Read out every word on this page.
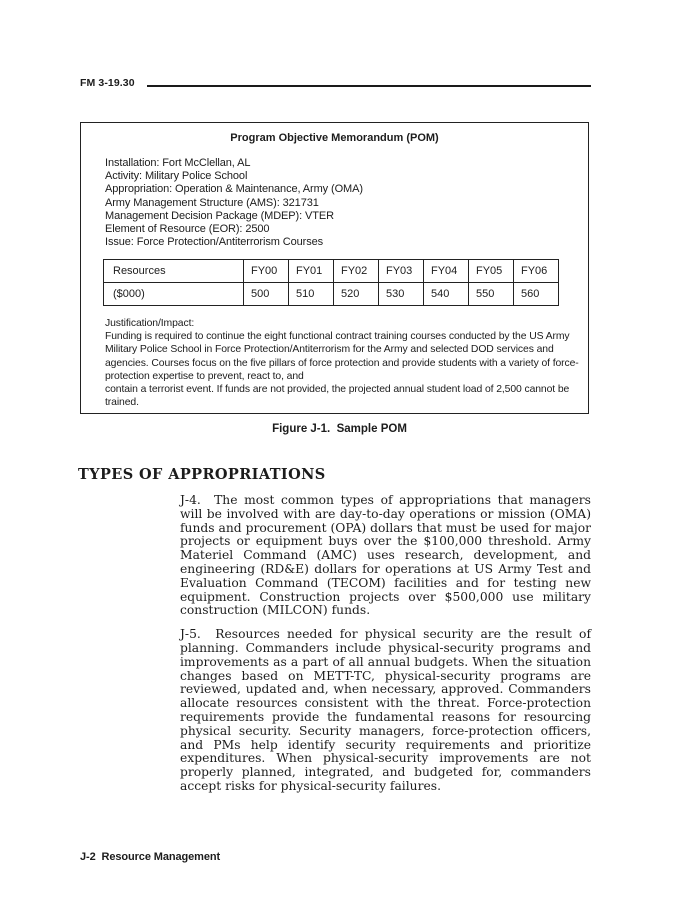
FM 3-19.30
Program Objective Memorandum (POM)
Installation: Fort McClellan, AL
Activity: Military Police School
Appropriation: Operation & Maintenance, Army (OMA)
Army Management Structure (AMS): 321731
Management Decision Package (MDEP): VTER
Element of Resource (EOR): 2500
Issue: Force Protection/Antiterrorism Courses
Resources	FY00	FY01	FY02	FY03	FY04	FY05	FY06
($000)	500	510	520	530	540	550	560
Justification/Impact:

Funding is required to continue the eight functional contract training courses conducted by the US Army Military Police School in Force Protection/Antiterrorism for the Army and selected DOD services and agencies. Courses focus on the five pillars of force protection and provide students with a variety of force-protection expertise to prevent, react to, and

contain a terrorist event. If funds are not provided, the projected annual student load of 2,500 cannot be trained.

Figure J-1.  Sample POM
TYPES OF APPROPRIATIONS

J-4.  The most common types of appropriations that managers will be involved with are day-to-day operations or mission (OMA) funds and procurement (OPA) dollars that must be used for major projects or equipment buys over the $100,000 threshold. Army Materiel Command (AMC) uses research, development, and engineering (RD&E) dollars for operations at US Army Test and Evaluation Command (TECOM) facilities and for testing new equipment. Construction projects over $500,000 use military construction (MILCON) funds.

J-5.  Resources needed for physical security are the result of planning. Commanders include physical-security programs and improvements as a part of all annual budgets. When the situation changes based on METT-TC, physical-security programs are reviewed, updated and, when necessary, approved. Commanders allocate resources consistent with the threat. Force-protection requirements provide the fundamental reasons for resourcing physical security. Security managers, force-protection officers, and PMs help identify security requirements and prioritize expenditures. When physical-security improvements are not properly planned, integrated, and budgeted for, commanders accept risks for physical-security failures.

J-2  Resource Management
